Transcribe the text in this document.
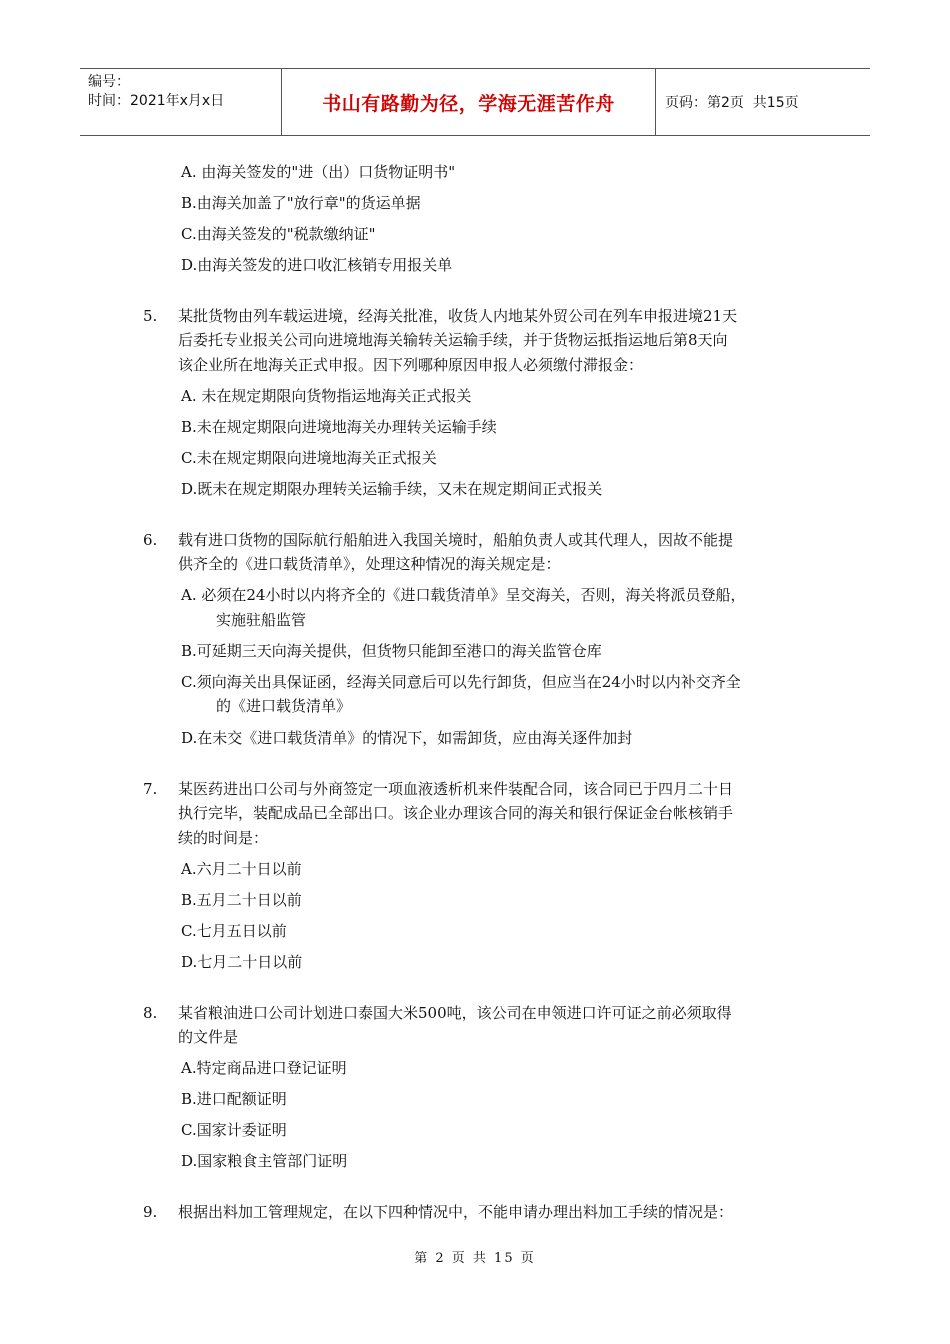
编号：
时间：2021年x月x日	书山有路勤为径，学海无涯苦作舟	页码：第2页  共15页
A. 由海关签发的"进（出）口货物证明书"
B.由海关加盖了"放行章"的货运单据
C.由海关签发的"税款缴纳证"
D.由海关签发的进口收汇核销专用报关单
5. 某批货物由列车载运进境，经海关批准，收货人内地某外贸公司在列车申报进境21天
后委托专业报关公司向进境地海关输转关运输手续，并于货物运抵指运地后第8天向
该企业所在地海关正式申报。因下列哪种原因申报人必须缴付滞报金：
A. 未在规定期限向货物指运地海关正式报关
B.未在规定期限向进境地海关办理转关运输手续
C.未在规定期限向进境地海关正式报关
D.既未在规定期限办理转关运输手续，又未在规定期间正式报关
6. 载有进口货物的国际航行船舶进入我国关境时，船舶负责人或其代理人，因故不能提
供齐全的《进口载货清单》，处理这种情况的海关规定是：
A. 必须在24小时以内将齐全的《进口载货清单》呈交海关，否则，海关将派员登船，
实施驻船监管
B.可延期三天向海关提供，但货物只能卸至港口的海关监管仓库
C.须向海关出具保证函，经海关同意后可以先行卸货，但应当在24小时以内补交齐全
的《进口载货清单》
D.在未交《进口载货清单》的情况下，如需卸货，应由海关逐件加封
7. 某医药进出口公司与外商签定一项血液透析机来件装配合同，该合同已于四月二十日
执行完毕，装配成品已全部出口。该企业办理该合同的海关和银行保证金台帐核销手
续的时间是：
A.六月二十日以前
B.五月二十日以前
C.七月五日以前
D.七月二十日以前
8. 某省粮油进口公司计划进口泰国大米500吨，该公司在申领进口许可证之前必须取得
的文件是
A.特定商品进口登记证明
B.进口配额证明
C.国家计委证明
D.国家粮食主管部门证明
9. 根据出料加工管理规定，在以下四种情况中，不能申请办理出料加工手续的情况是：
第 2 页 共 15 页
